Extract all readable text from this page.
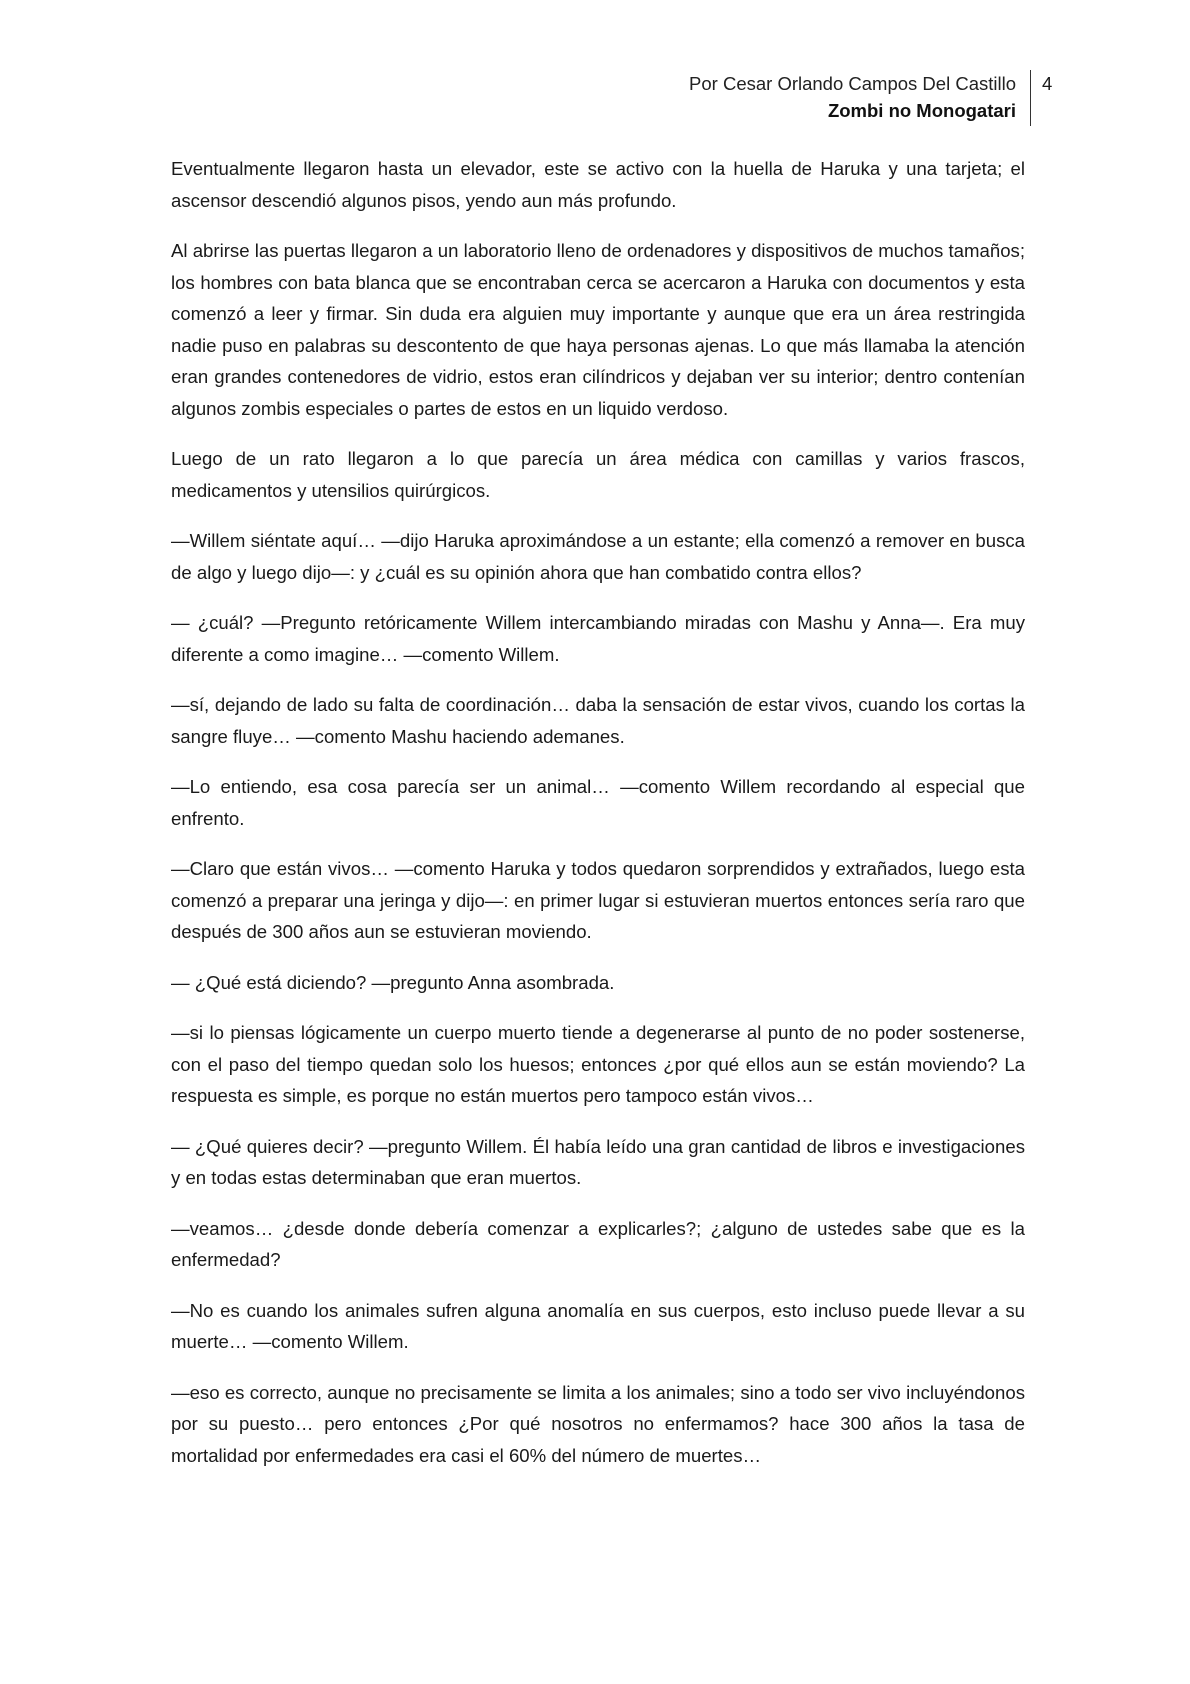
Por Cesar Orlando Campos Del Castillo
Zombi no Monogatari
4

Eventualmente llegaron hasta un elevador, este se activo con la huella de Haruka y una tarjeta; el ascensor descendió algunos pisos, yendo aun más profundo.

Al abrirse las puertas llegaron a un laboratorio lleno de ordenadores y dispositivos de muchos tamaños; los hombres con bata blanca que se encontraban cerca se acercaron a Haruka con documentos y esta comenzó a leer y firmar. Sin duda era alguien muy importante y aunque que era un área restringida nadie puso en palabras su descontento de que haya personas ajenas. Lo que más llamaba la atención eran grandes contenedores de vidrio, estos eran cilíndricos y dejaban ver su interior; dentro contenían algunos zombis especiales o partes de estos en un liquido verdoso.

Luego de un rato llegaron a lo que parecía un área médica con camillas y varios frascos, medicamentos y utensilios quirúrgicos.

—Willem siéntate aquí… —dijo Haruka aproximándose a un estante; ella comenzó a remover en busca de algo y luego dijo—: y ¿cuál es su opinión ahora que han combatido contra ellos?

— ¿cuál? —Pregunto retóricamente Willem intercambiando miradas con Mashu y Anna—. Era muy diferente a como imagine… —comento Willem.

—sí, dejando de lado su falta de coordinación… daba la sensación de estar vivos, cuando los cortas la sangre fluye… —comento Mashu haciendo ademanes.

—Lo entiendo, esa cosa parecía ser un animal… —comento Willem recordando al especial que enfrento.

—Claro que están vivos… —comento Haruka y todos quedaron sorprendidos y extrañados, luego esta comenzó a preparar una jeringa y dijo—: en primer lugar si estuvieran muertos entonces sería raro que después de 300 años aun se estuvieran moviendo.

— ¿Qué está diciendo? —pregunto Anna asombrada.

—si lo piensas lógicamente un cuerpo muerto tiende a degenerarse al punto de no poder sostenerse, con el paso del tiempo quedan solo los huesos; entonces ¿por qué ellos aun se están moviendo? La respuesta es simple, es porque no están muertos pero tampoco están vivos…

— ¿Qué quieres decir? —pregunto Willem. Él había leído una gran cantidad de libros e investigaciones y en todas estas determinaban que eran muertos.

—veamos… ¿desde donde debería comenzar a explicarles?; ¿alguno de ustedes sabe que es la enfermedad?

—No es cuando los animales sufren alguna anomalía en sus cuerpos, esto incluso puede llevar a su muerte… —comento Willem.

—eso es correcto, aunque no precisamente se limita a los animales; sino a todo ser vivo incluyéndonos por su puesto… pero entonces ¿Por qué nosotros no enfermamos? hace 300 años la tasa de mortalidad por enfermedades era casi el 60% del número de muertes…
